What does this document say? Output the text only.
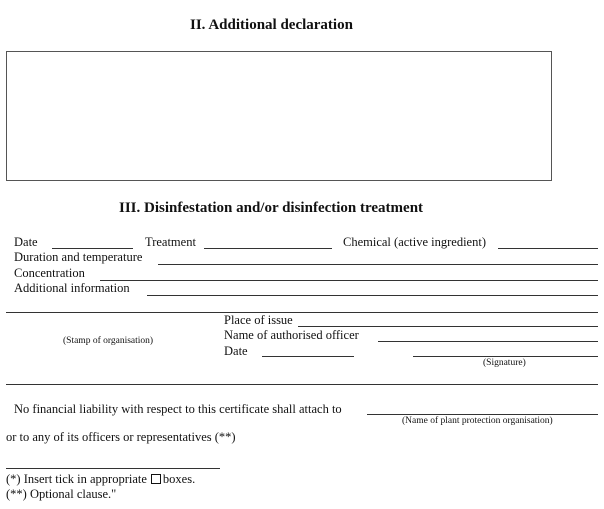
II. Additional declaration
III. Disinfestation and/or disinfection treatment
Date	Treatment	Chemical (active ingredient)
Duration and temperature
Concentration
Additional information
(Stamp of organisation)
Place of issue
Name of authorised officer
Date
(Signature)
No financial liability with respect to this certificate shall attach to
(Name of plant protection organisation)
or to any of its officers or representatives (**)
(*) Insert tick in appropriate boxes.
(**) Optional clause."
